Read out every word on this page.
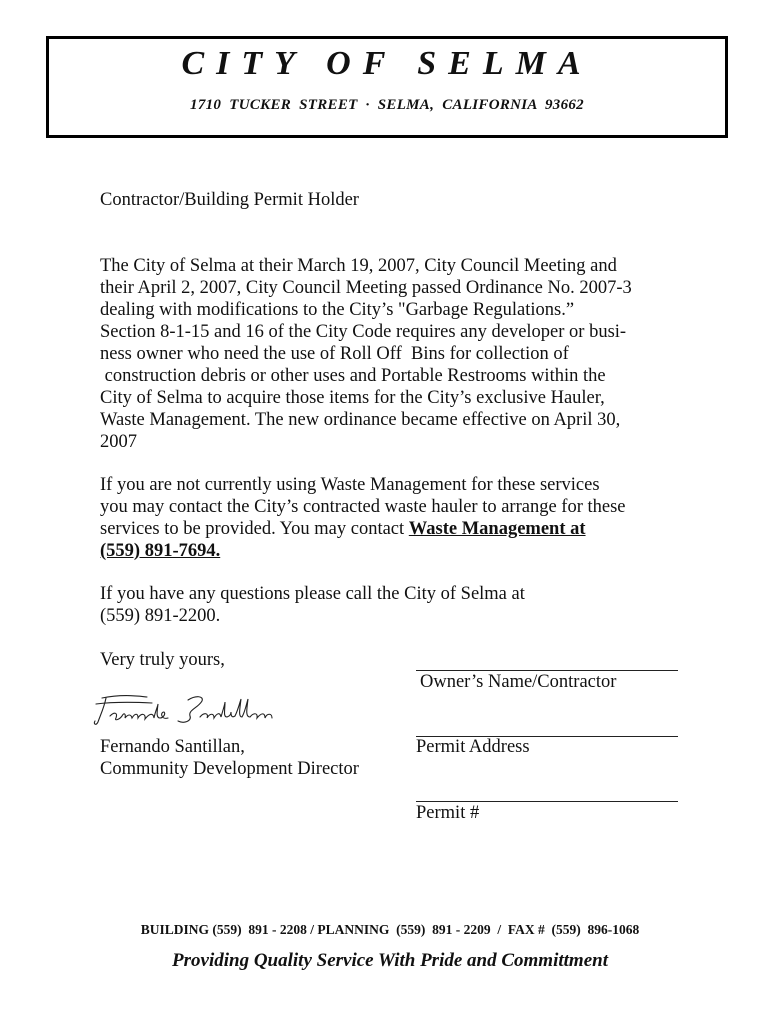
CITY OF SELMA
1710 TUCKER STREET · SELMA, CALIFORNIA 93662
Contractor/Building Permit Holder
The City of Selma at their March 19, 2007, City Council Meeting and
their April 2, 2007, City Council Meeting passed Ordinance No. 2007-3
dealing with modifications to the City’s "Garbage Regulations.”
Section 8-1-15 and 16 of the City Code requires any developer or busi-
ness owner who need the use of Roll Off  Bins for collection of
construction debris or other uses and Portable Restrooms within the
City of Selma to acquire those items for the City’s exclusive Hauler,
Waste Management. The new ordinance became effective on April 30,
2007
If you are not currently using Waste Management for these services
you may contact the City’s contracted waste hauler to arrange for these
services to be provided. You may contact Waste Management at
(559) 891-7694.
If you have any questions please call the City of Selma at
(559) 891-2200.
Very truly yours,
Fernando Santillan,
Community Development Director
Owner’s Name/Contractor
Permit Address
Permit #
BUILDING (559)  891 - 2208 / PLANNING  (559)  891 - 2209  /  FAX #  (559)  896-1068
Providing Quality Service With Pride and Committment
